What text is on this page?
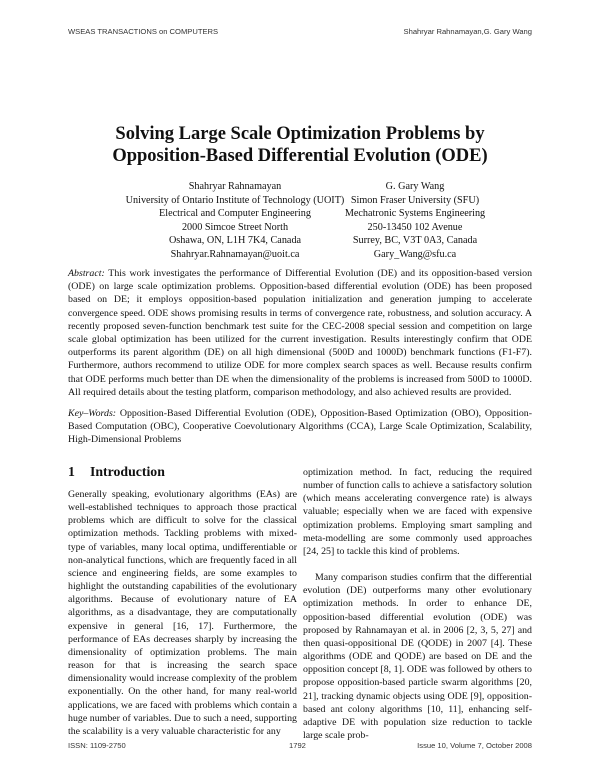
WSEAS TRANSACTIONS on COMPUTERS	Shahryar Rahnamayan,G. Gary Wang
Solving Large Scale Optimization Problems by
Opposition-Based Differential Evolution (ODE)
Shahryar Rahnamayan
University of Ontario Institute of Technology (UOIT)
Electrical and Computer Engineering
2000 Simcoe Street North
Oshawa, ON, L1H 7K4, Canada
Shahryar.Rahnamayan@uoit.ca
G. Gary Wang
Simon Fraser University (SFU)
Mechatronic Systems Engineering
250-13450 102 Avenue
Surrey, BC, V3T 0A3, Canada
Gary_Wang@sfu.ca
Abstract: This work investigates the performance of Differential Evolution (DE) and its opposition-based version (ODE) on large scale optimization problems. Opposition-based differential evolution (ODE) has been proposed based on DE; it employs opposition-based population initialization and generation jumping to accelerate convergence speed. ODE shows promising results in terms of convergence rate, robustness, and solution accuracy. A recently proposed seven-function benchmark test suite for the CEC-2008 special session and competition on large scale global optimization has been utilized for the current investigation. Results interestingly confirm that ODE outperforms its parent algorithm (DE) on all high dimensional (500D and 1000D) benchmark functions (F1-F7). Furthermore, authors recommend to utilize ODE for more complex search spaces as well. Because results confirm that ODE performs much better than DE when the dimensionality of the problems is increased from 500D to 1000D. All required details about the testing platform, comparison methodology, and also achieved results are provided.
Key–Words: Opposition-Based Differential Evolution (ODE), Opposition-Based Optimization (OBO), Opposition-Based Computation (OBC), Cooperative Coevolutionary Algorithms (CCA), Large Scale Optimization, Scalability, High-Dimensional Problems
1 Introduction

Generally speaking, evolutionary algorithms (EAs) are well-established techniques to approach those practical problems which are difficult to solve for the classical optimization methods. Tackling problems with mixed-type of variables, many local optima, undifferentiable or non-analytical functions, which are frequently faced in all science and engineering fields, are some examples to highlight the outstanding capabilities of the evolutionary algorithms. Because of evolutionary nature of EA algorithms, as a disadvantage, they are computationally expensive in general [16, 17]. Furthermore, the performance of EAs decreases sharply by increasing the dimensionality of optimization problems. The main reason for that is increasing the search space dimensionality would increase complexity of the problem exponentially. On the other hand, for many real-world applications, we are faced with problems which contain a huge number of variables. Due to such a need, supporting the scalability is a very valuable characteristic for any

optimization method. In fact, reducing the required number of function calls to achieve a satisfactory solution (which means accelerating convergence rate) is always valuable; especially when we are faced with expensive optimization problems. Employing smart sampling and meta-modelling are some commonly used approaches [24, 25] to tackle this kind of problems.

Many comparison studies confirm that the differential evolution (DE) outperforms many other evolutionary optimization methods. In order to enhance DE, opposition-based differential evolution (ODE) was proposed by Rahnamayan et al. in 2006 [2, 3, 5, 27] and then quasi-oppositional DE (QODE) in 2007 [4]. These algorithms (ODE and QODE) are based on DE and the opposition concept [8, 1]. ODE was followed by others to propose opposition-based particle swarm algorithms [20, 21], tracking dynamic objects using ODE [9], opposition-based ant colony algorithms [10, 11], enhancing self-adaptive DE with population size reduction to tackle large scale prob-

ISSN: 1109-2750	1792	Issue 10, Volume 7, October 2008
